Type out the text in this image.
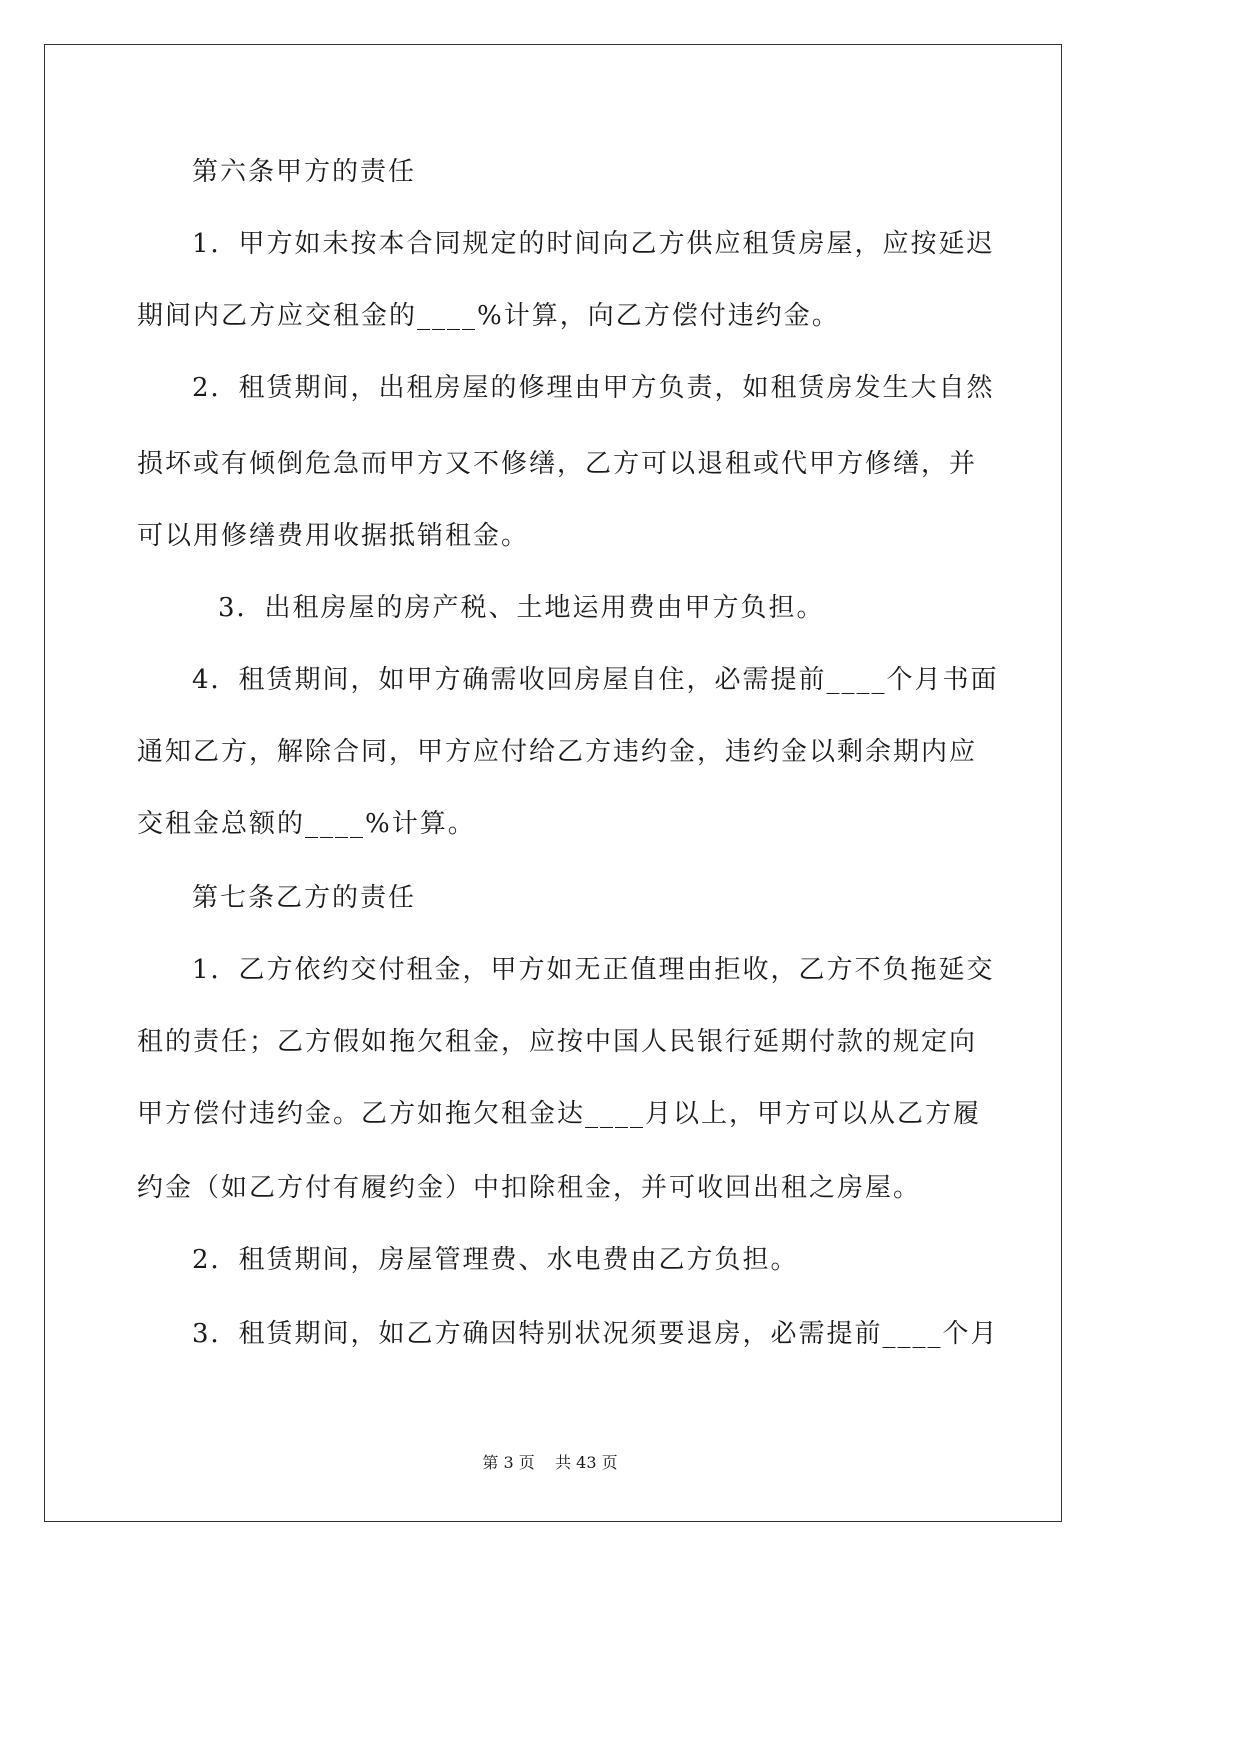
第六条甲方的责任
1．甲方如未按本合同规定的时间向乙方供应租赁房屋，应按延迟
期间内乙方应交租金的____%计算，向乙方偿付违约金。
2．租赁期间，出租房屋的修理由甲方负责，如租赁房发生大自然
损坏或有倾倒危急而甲方又不修缮，乙方可以退租或代甲方修缮，并
可以用修缮费用收据抵销租金。
3．出租房屋的房产税、土地运用费由甲方负担。
4．租赁期间，如甲方确需收回房屋自住，必需提前____个月书面
通知乙方，解除合同，甲方应付给乙方违约金，违约金以剩余期内应
交租金总额的____%计算。
第七条乙方的责任
1．乙方依约交付租金，甲方如无正值理由拒收，乙方不负拖延交
租的责任；乙方假如拖欠租金，应按中国人民银行延期付款的规定向
甲方偿付违约金。乙方如拖欠租金达____月以上，甲方可以从乙方履
约金（如乙方付有履约金）中扣除租金，并可收回出租之房屋。
2．租赁期间，房屋管理费、水电费由乙方负担。
3．租赁期间，如乙方确因特别状况须要退房，必需提前____个月
第 3 页    共 43 页
